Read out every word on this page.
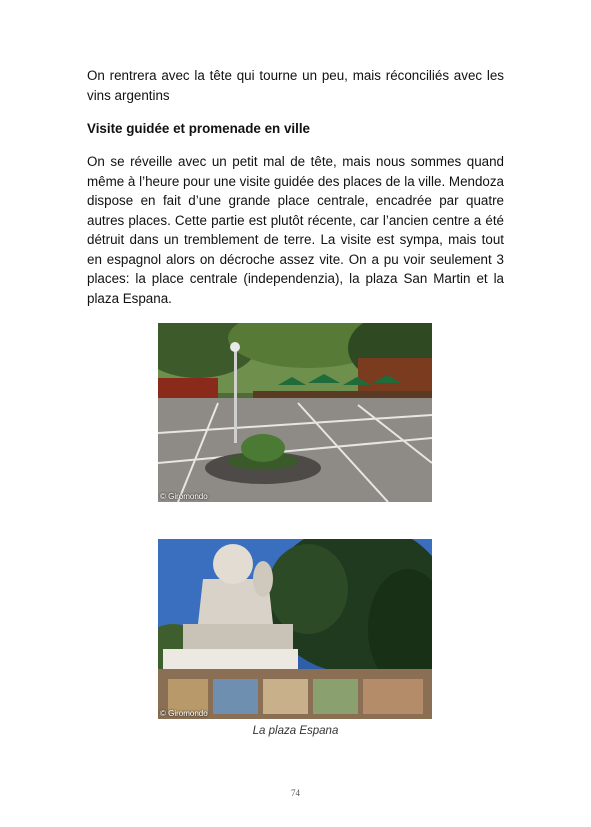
On rentrera avec la tête qui tourne un peu, mais réconciliés avec les vins argentins

Visite guidée et promenade en ville

On se réveille avec un petit mal de tête, mais nous sommes quand même à l’heure pour une visite guidée des places de la ville. Mendoza dispose en fait d’une grande place centrale, encadrée par quatre autres places. Cette partie est plutôt récente, car l’ancien centre a été détruit dans un tremblement de terre. La visite est sympa, mais tout en espagnol alors on décroche assez vite. On a pu voir seulement 3 places: la place centrale (independenzia), la plaza San Martin et la plaza Espana.

© Giromondo
© Giromondo
La plaza Espana
74
